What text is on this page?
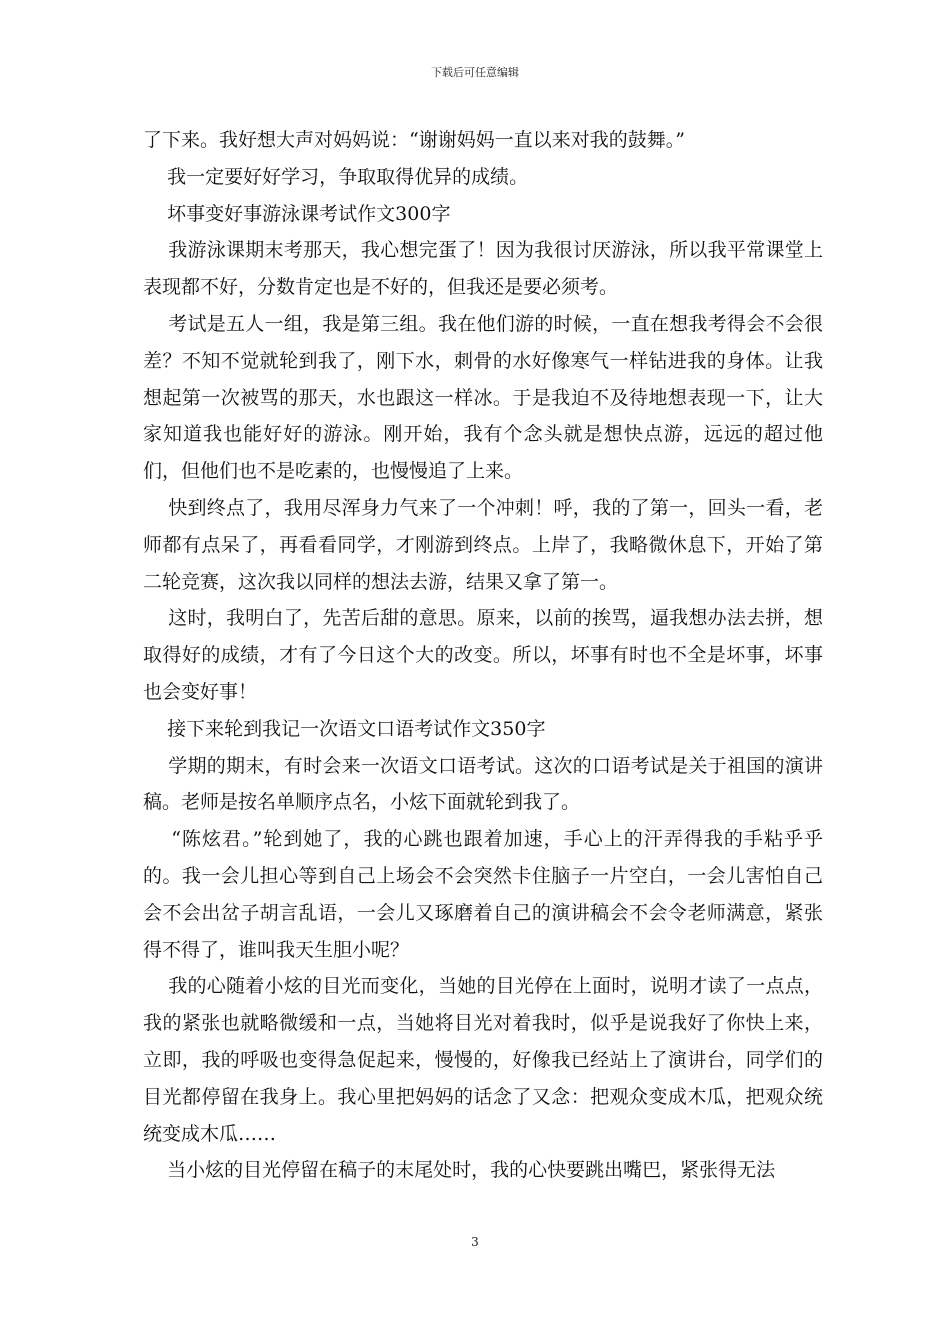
下载后可任意编辑

了下来。我好想大声对妈妈说：“谢谢妈妈一直以来对我的鼓舞。”

我一定要好好学习，争取取得优异的成绩。

坏事变好事游泳课考试作文300字

我游泳课期末考那天，我心想完蛋了！因为我很讨厌游泳，所以我平常课堂上表现都不好，分数肯定也是不好的，但我还是要必须考。

考试是五人一组，我是第三组。我在他们游的时候，一直在想我考得会不会很差？不知不觉就轮到我了，刚下水，刺骨的水好像寒气一样钻进我的身体。让我想起第一次被骂的那天，水也跟这一样冰。于是我迫不及待地想表现一下，让大家知道我也能好好的游泳。刚开始，我有个念头就是想快点游，远远的超过他们，但他们也不是吃素的，也慢慢追了上来。

快到终点了，我用尽浑身力气来了一个冲刺！呼，我的了第一，回头一看，老师都有点呆了，再看看同学，才刚游到终点。上岸了，我略微休息下，开始了第二轮竞赛，这次我以同样的想法去游，结果又拿了第一。

这时，我明白了，先苦后甜的意思。原来，以前的挨骂，逼我想办法去拼，想取得好的成绩，才有了今日这个大的改变。所以，坏事有时也不全是坏事，坏事也会变好事！

接下来轮到我记一次语文口语考试作文350字

学期的期末，有时会来一次语文口语考试。这次的口语考试是关于祖国的演讲稿。老师是按名单顺序点名，小炫下面就轮到我了。

“陈炫君。”轮到她了，我的心跳也跟着加速，手心上的汗弄得我的手粘乎乎的。我一会儿担心等到自己上场会不会突然卡住脑子一片空白，一会儿害怕自己会不会出岔子胡言乱语，一会儿又琢磨着自己的演讲稿会不会令老师满意，紧张得不得了，谁叫我天生胆小呢？

我的心随着小炫的目光而变化，当她的目光停在上面时，说明才读了一点点，我的紧张也就略微缓和一点，当她将目光对着我时，似乎是说我好了你快上来，立即，我的呼吸也变得急促起来，慢慢的，好像我已经站上了演讲台，同学们的目光都停留在我身上。我心里把妈妈的话念了又念：把观众变成木瓜，把观众统统变成木瓜……

当小炫的目光停留在稿子的末尾处时，我的心快要跳出嘴巴，紧张得无法

3
